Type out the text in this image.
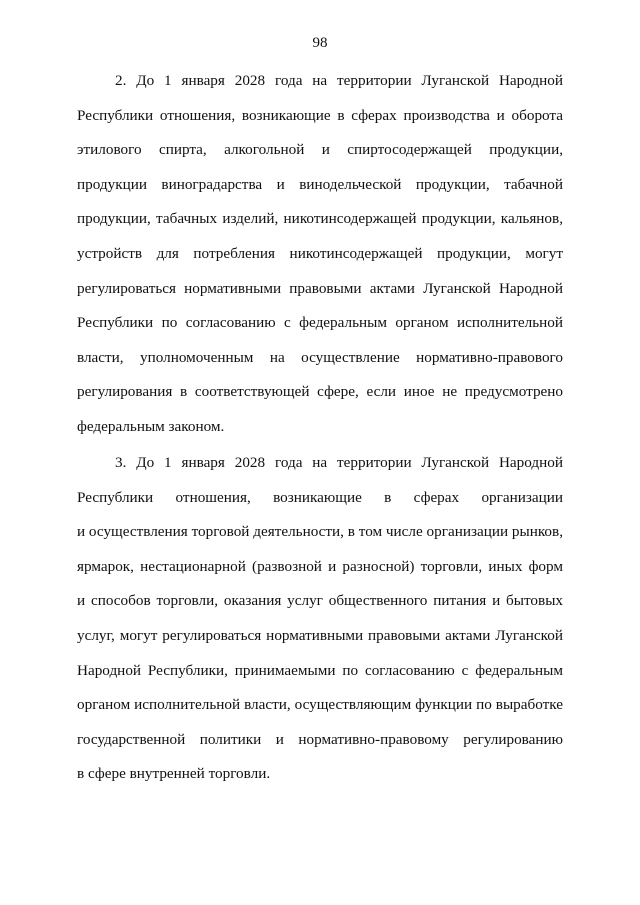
98
2. До 1 января 2028 года на территории Луганской Народной
Республики отношения, возникающие в сферах производства и оборота
этилового спирта, алкогольной и спиртосодержащей продукции,
продукции виноградарства и винодельческой продукции, табачной
продукции, табачных изделий, никотинсодержащей продукции, кальянов,
устройств для потребления никотинсодержащей продукции, могут
регулироваться нормативными правовыми актами Луганской Народной
Республики по согласованию с федеральным органом исполнительной
власти, уполномоченным на осуществление нормативно-правового
регулирования в соответствующей сфере, если иное не предусмотрено
федеральным законом.
3. До 1 января 2028 года на территории Луганской Народной
Республики отношения, возникающие в сферах организации
и осуществления торговой деятельности, в том числе организации рынков,
ярмарок, нестационарной (развозной и разносной) торговли, иных форм
и способов торговли, оказания услуг общественного питания и бытовых
услуг, могут регулироваться нормативными правовыми актами Луганской
Народной Республики, принимаемыми по согласованию с федеральным
органом исполнительной власти, осуществляющим функции по выработке
государственной политики и нормативно-правовому регулированию
в сфере внутренней торговли.
